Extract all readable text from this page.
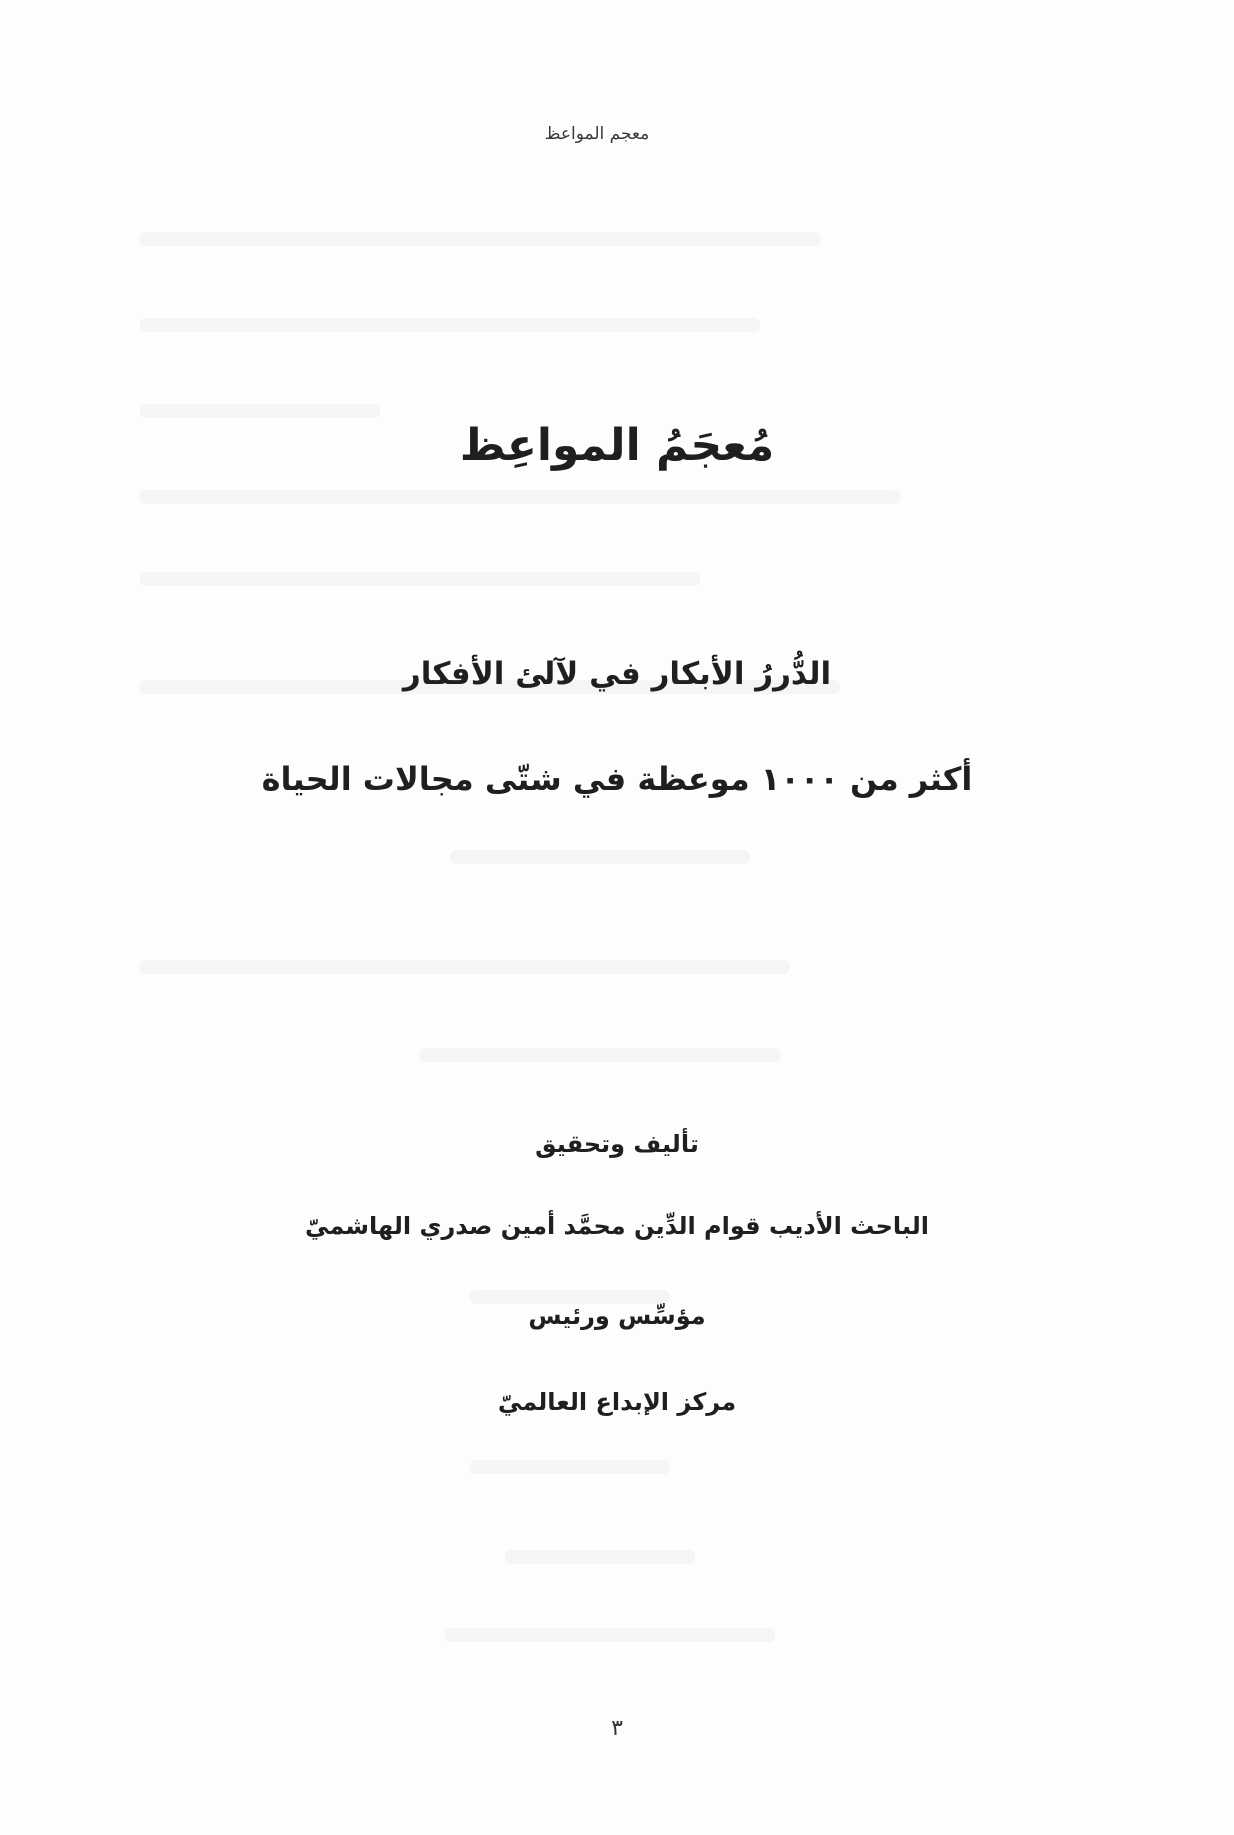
معجم المواعظ
مُعجَمُ المواعِظ
الدُّررُ الأبكار في لآلئ الأفكار
أكثر من ١٠٠٠ موعظة في شتّى مجالات الحياة
تأليف وتحقيق
الباحث الأديب قوام الدِّين محمَّد أمين صدري الهاشميّ
مؤسِّس ورئيس
مركز الإبداع العالميّ
٣
